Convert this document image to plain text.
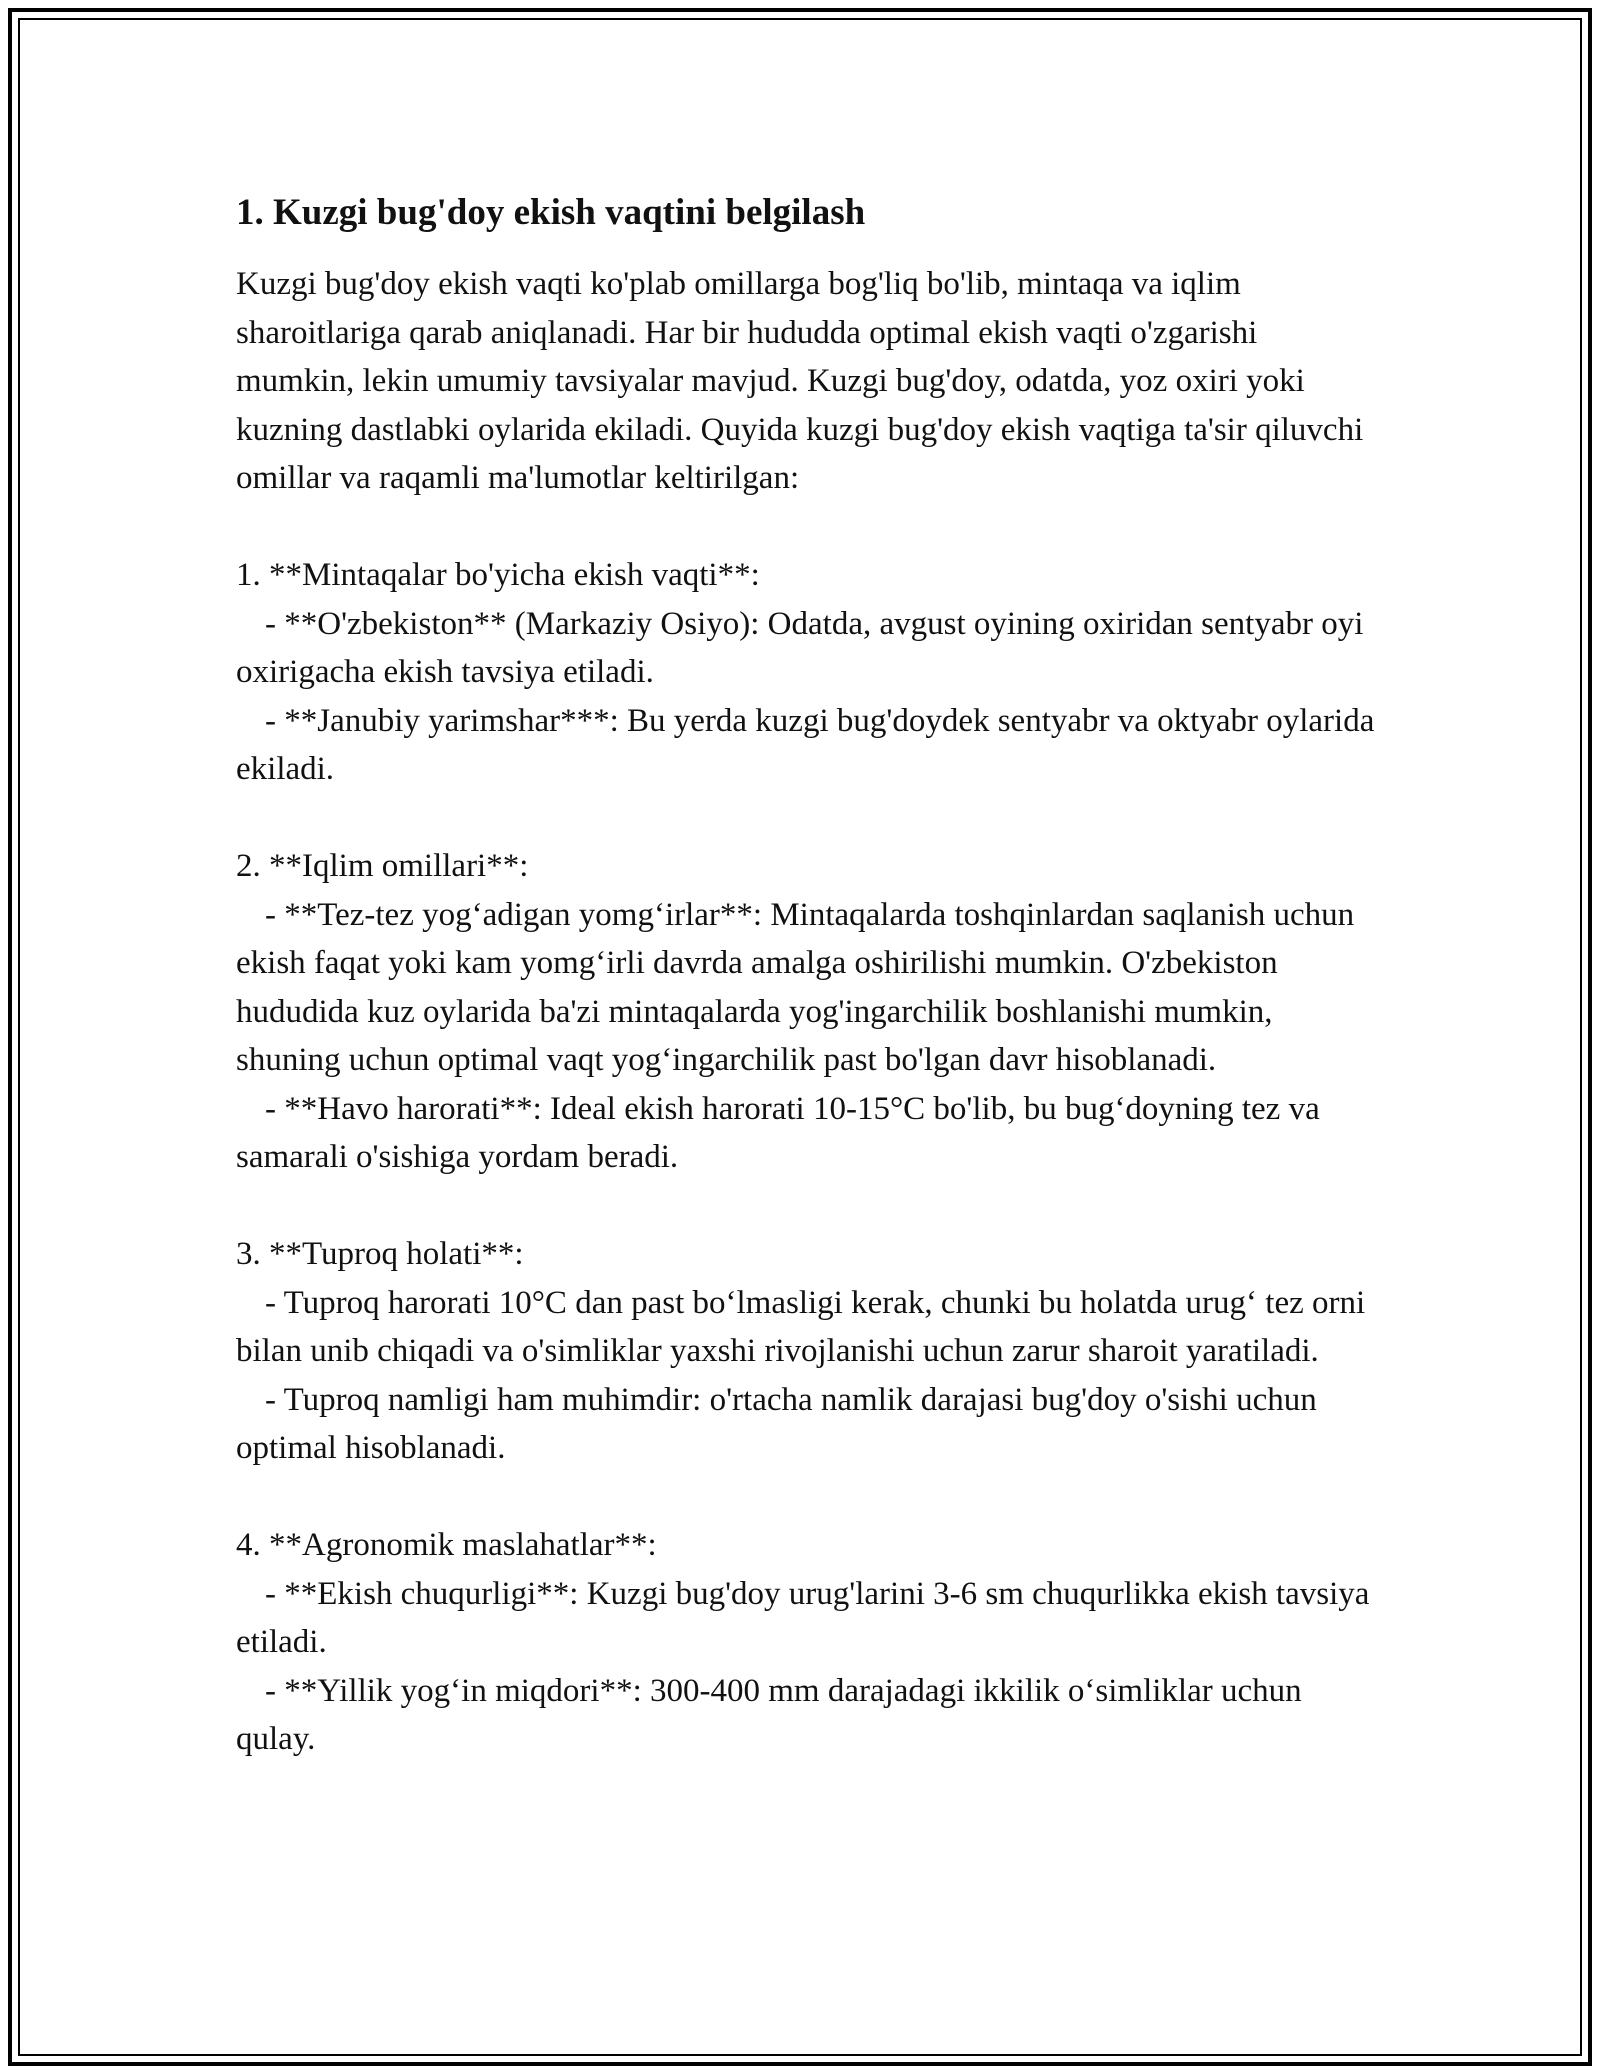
1. Kuzgi bug'doy ekish vaqtini belgilash

Kuzgi bug'doy ekish vaqti ko'plab omillarga bog'liq bo'lib, mintaqa va iqlim sharoitlariga qarab aniqlanadi. Har bir hududda optimal ekish vaqti o'zgarishi mumkin, lekin umumiy tavsiyalar mavjud. Kuzgi bug'doy, odatda, yoz oxiri yoki kuzning dastlabki oylarida ekiladi. Quyida kuzgi bug'doy ekish vaqtiga ta'sir qiluvchi omillar va raqamli ma'lumotlar keltirilgan:

1. **Mintaqalar bo'yicha ekish vaqti**:

- **O'zbekiston** (Markaziy Osiyo): Odatda, avgust oyining oxiridan sentyabr oyi oxirigacha ekish tavsiya etiladi.

- **Janubiy yarimshar***: Bu yerda kuzgi bug'doydek sentyabr va oktyabr oylarida ekiladi.

2. **Iqlim omillari**:

- **Tez-tez yog‘adigan yomg‘irlar**: Mintaqalarda toshqinlardan saqlanish uchun ekish faqat yoki kam yomg‘irli davrda amalga oshirilishi mumkin. O'zbekiston hududida kuz oylarida ba'zi mintaqalarda yog'ingarchilik boshlanishi mumkin, shuning uchun optimal vaqt yog‘ingarchilik past bo'lgan davr hisoblanadi.

- **Havo harorati**: Ideal ekish harorati 10-15°C bo'lib, bu bug‘doyning tez va samarali o'sishiga yordam beradi.

3. **Tuproq holati**:

- Tuproq harorati 10°C dan past bo‘lmasligi kerak, chunki bu holatda urug‘ tez orni bilan unib chiqadi va o'simliklar yaxshi rivojlanishi uchun zarur sharoit yaratiladi.

- Tuproq namligi ham muhimdir: o'rtacha namlik darajasi bug'doy o'sishi uchun optimal hisoblanadi.

4. **Agronomik maslahatlar**:

- **Ekish chuqurligi**: Kuzgi bug'doy urug'larini 3-6 sm chuqurlikka ekish tavsiya etiladi.

- **Yillik yog‘in miqdori**: 300-400 mm darajadagi ikkilik o‘simliklar uchun qulay.
